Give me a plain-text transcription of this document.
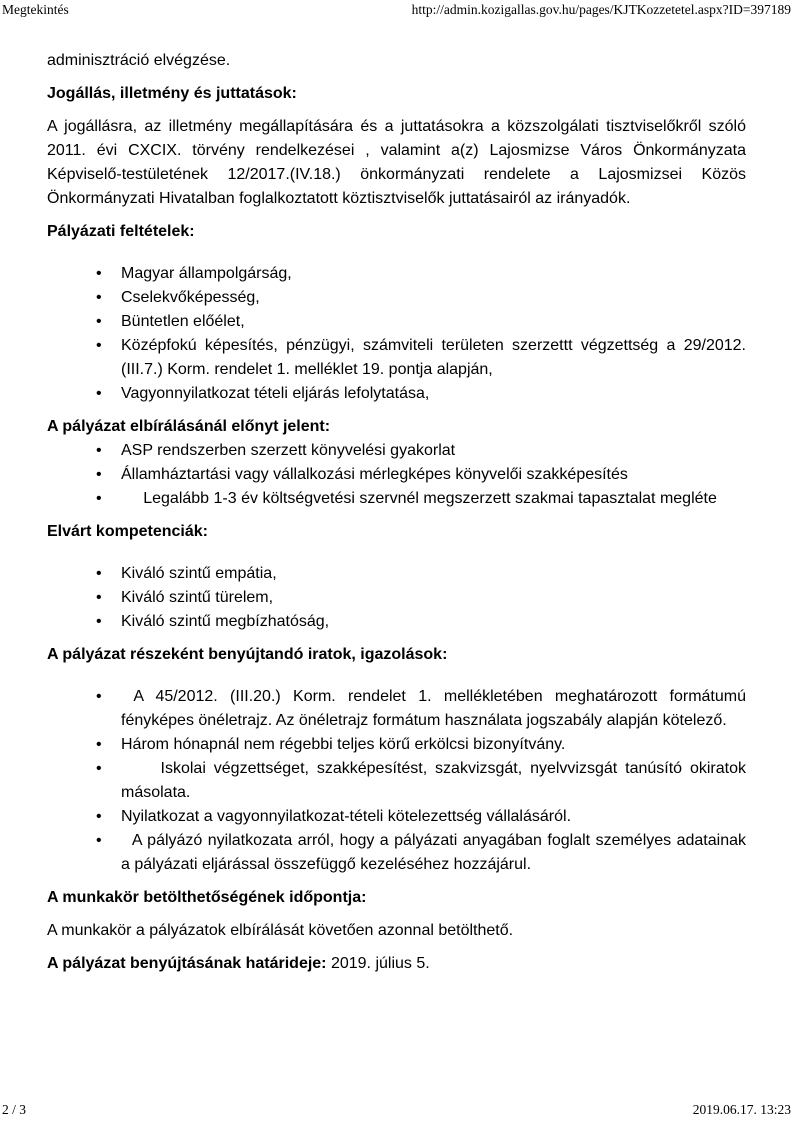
Megtekintés	http://admin.kozigallas.gov.hu/pages/KJTKozzetetel.aspx?ID=397189

adminisztráció elvégzése.

Jogállás, illetmény és juttatások:

A jogállásra, az illetmény megállapítására és a juttatásokra a közszolgálati tisztviselőkről szóló 2011. évi CXCIX. törvény rendelkezései , valamint a(z) Lajosmizse Város Önkormányzata Képviselő-testületének 12/2017.(IV.18.) önkormányzati rendelete a Lajosmizsei Közös Önkormányzati Hivatalban foglalkoztatott köztisztviselők juttatásairól az irányadók.

Pályázati feltételek:

• Magyar állampolgárság,
• Cselekvőképesség,
• Büntetlen előélet,
• Középfokú képesítés, pénzügyi, számviteli területen szerzettt végzettség a 29/2012. (III.7.) Korm. rendelet 1. melléklet 19. pontja alapján,
• Vagyonnyilatkozat tételi eljárás lefolytatása,

A pályázat elbírálásánál előnyt jelent:

• ASP rendszerben szerzett könyvelési gyakorlat
• Államháztartási vagy vállalkozási mérlegképes könyvelői szakképesítés
•      Legalább 1-3 év költségvetési szervnél megszerzett szakmai tapasztalat megléte

Elvárt kompetenciák:

• Kiváló szintű empátia,
• Kiváló szintű türelem,
• Kiváló szintű megbízhatóság,

A pályázat részeként benyújtandó iratok, igazolások:

•  A 45/2012. (III.20.) Korm. rendelet 1. mellékletében meghatározott formátumú fényképes önéletrajz. Az önéletrajz formátum használata jogszabály alapján kötelező.
• Három hónapnál nem régebbi teljes körű erkölcsi bizonyítvány.
•      Iskolai végzettséget, szakképesítést, szakvizsgát, nyelvvizsgát tanúsító okiratok másolata.
• Nyilatkozat a vagyonnyilatkozat-tételi kötelezettség vállalásáról.
•   A pályázó nyilatkozata arról, hogy a pályázati anyagában foglalt személyes adatainak a pályázati eljárással összefüggő kezeléséhez hozzájárul.

A munkakör betölthetőségének időpontja:

A munkakör a pályázatok elbírálását követően azonnal betölthető.

A pályázat benyújtásának határideje: 2019. július 5.

2 / 3	2019.06.17. 13:23
